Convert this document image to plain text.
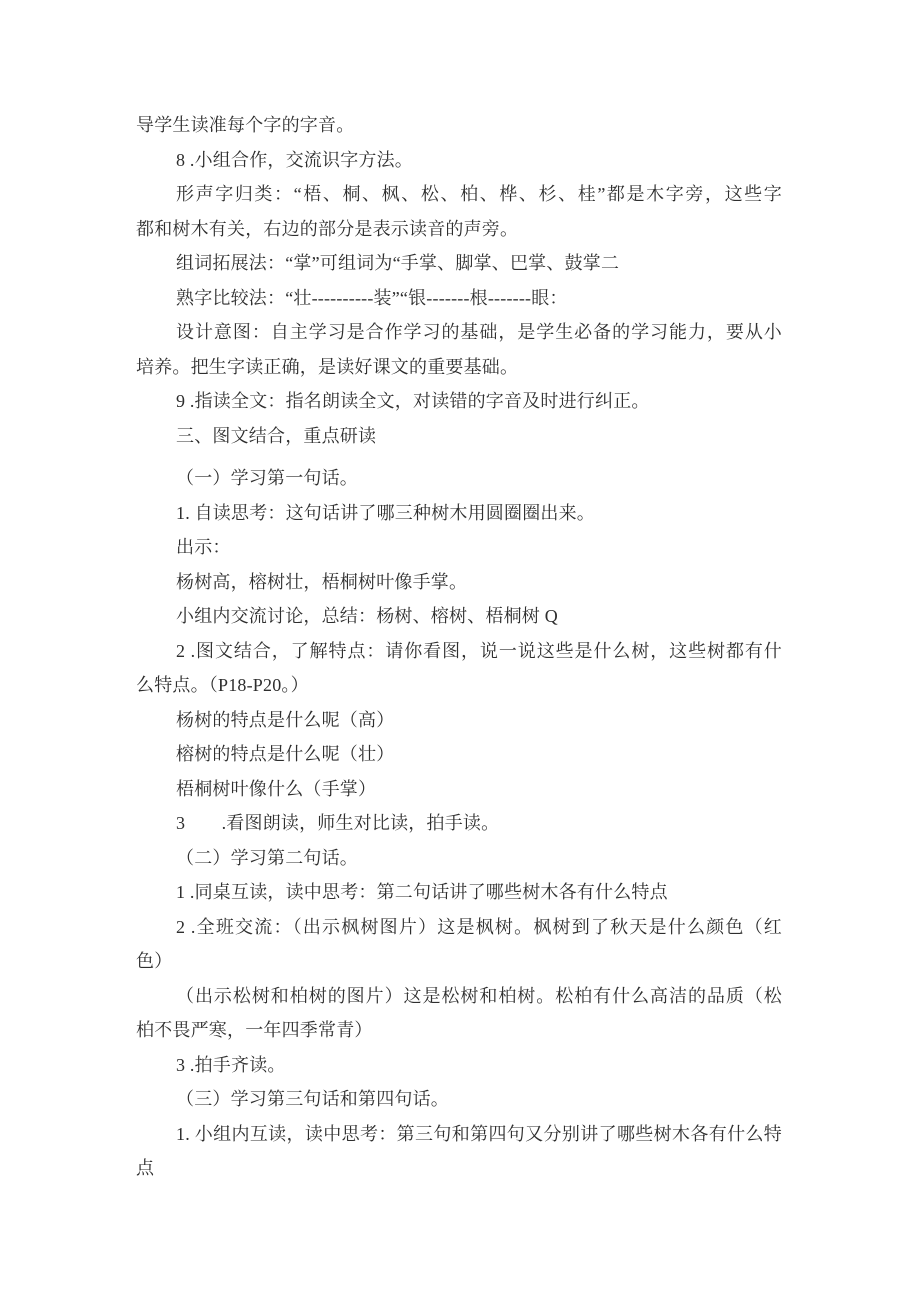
导学生读准每个字的字音。
8 .小组合作，交流识字方法。
形声字归类：“梧、桐、枫、松、柏、桦、杉、桂”都是木字旁，这些字
都和树木有关，右边的部分是表示读音的声旁。
组词拓展法：“掌”可组词为“手掌、脚掌、巴掌、鼓掌二
熟字比较法：“壮----------装”“银-------根-------眼：
设计意图：自主学习是合作学习的基础，是学生必备的学习能力，要从小
培养。把生字读正确，是读好课文的重要基础。
9 .指读全文：指名朗读全文，对读错的字音及时进行纠正。
三、图文结合，重点研读
（一）学习第一句话。
1. 自读思考：这句话讲了哪三种树木用圆圈圈出来。
出示：
杨树高，榕树壮，梧桐树叶像手掌。
小组内交流讨论，总结：杨树、榕树、梧桐树 Q
2 .图文结合，了解特点：请你看图，说一说这些是什么树，这些树都有什
么特点。（P18-P20。）
杨树的特点是什么呢（高）
榕树的特点是什么呢（壮）
梧桐树叶像什么（手掌）
3　　.看图朗读，师生对比读，拍手读。
（二）学习第二句话。
1 .同桌互读，读中思考：第二句话讲了哪些树木各有什么特点
2 .全班交流：（出示枫树图片）这是枫树。枫树到了秋天是什么颜色（红
色）
（出示松树和柏树的图片）这是松树和柏树。松柏有什么高洁的品质（松
柏不畏严寒，一年四季常青）
3 .拍手齐读。
（三）学习第三句话和第四句话。
1. 小组内互读，读中思考：第三句和第四句又分别讲了哪些树木各有什么特
点
